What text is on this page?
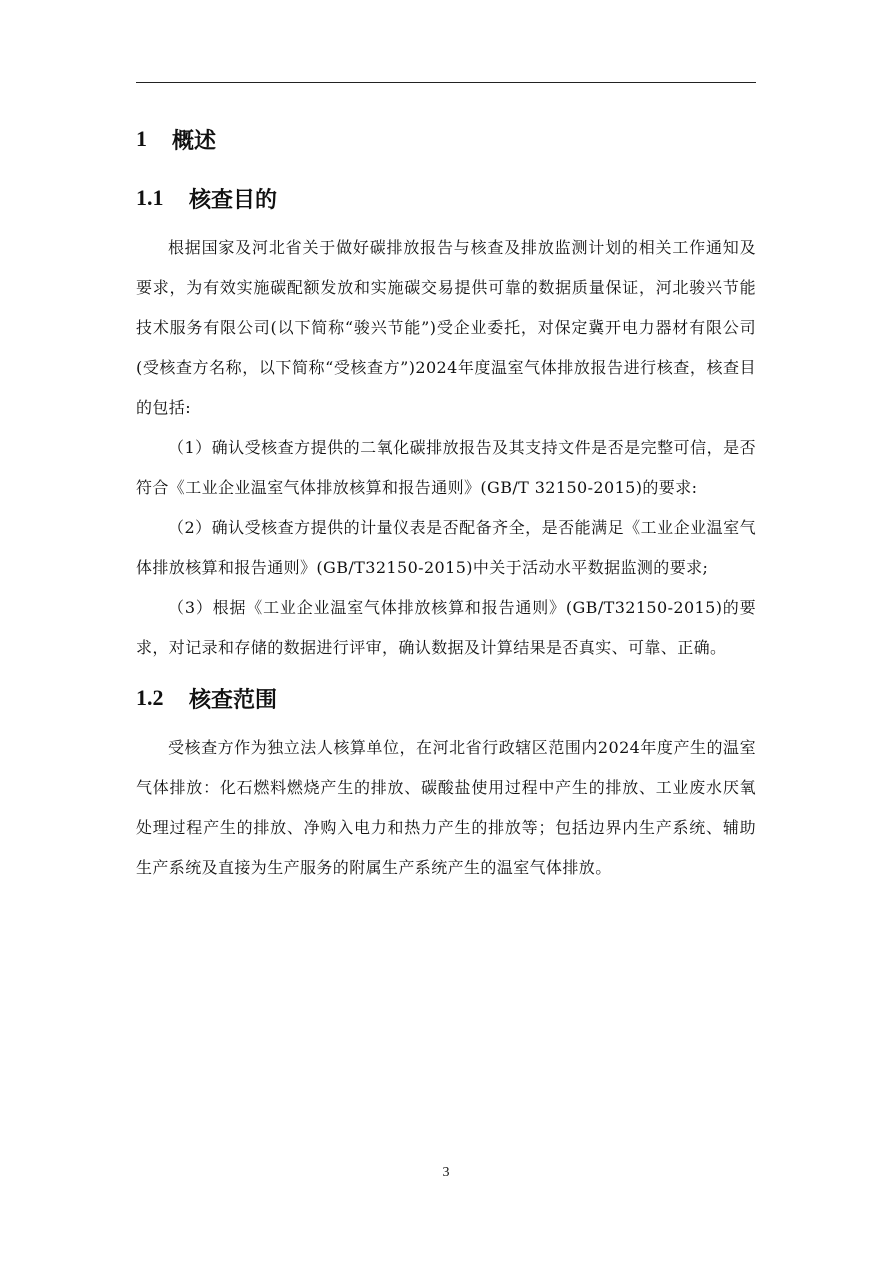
1	概述
1.1	核查目的

根据国家及河北省关于做好碳排放报告与核查及排放监测计划的相关工作通知及要求，为有效实施碳配额发放和实施碳交易提供可靠的数据质量保证，河北骏兴节能技术服务有限公司(以下简称“骏兴节能”)受企业委托，对保定冀开电力器材有限公司(受核查方名称，以下简称“受核查方”)2024年度温室气体排放报告进行核查，核查目的包括:

（1）确认受核查方提供的二氧化碳排放报告及其支持文件是否是完整可信，是否符合《工业企业温室气体排放核算和报告通则》(GB/T 32150-2015)的要求:

（2）确认受核查方提供的计量仪表是否配备齐全，是否能满足《工业企业温室气体排放核算和报告通则》(GB/T32150-2015)中关于活动水平数据监测的要求;

（3）根据《工业企业温室气体排放核算和报告通则》(GB/T32150-2015)的要求，对记录和存储的数据进行评审，确认数据及计算结果是否真实、可靠、正确。

1.2	核查范围

受核查方作为独立法人核算单位，在河北省行政辖区范围内2024年度产生的温室气体排放：化石燃料燃烧产生的排放、碳酸盐使用过程中产生的排放、工业废水厌氧处理过程产生的排放、净购入电力和热力产生的排放等；包括边界内生产系统、辅助生产系统及直接为生产服务的附属生产系统产生的温室气体排放。

3
